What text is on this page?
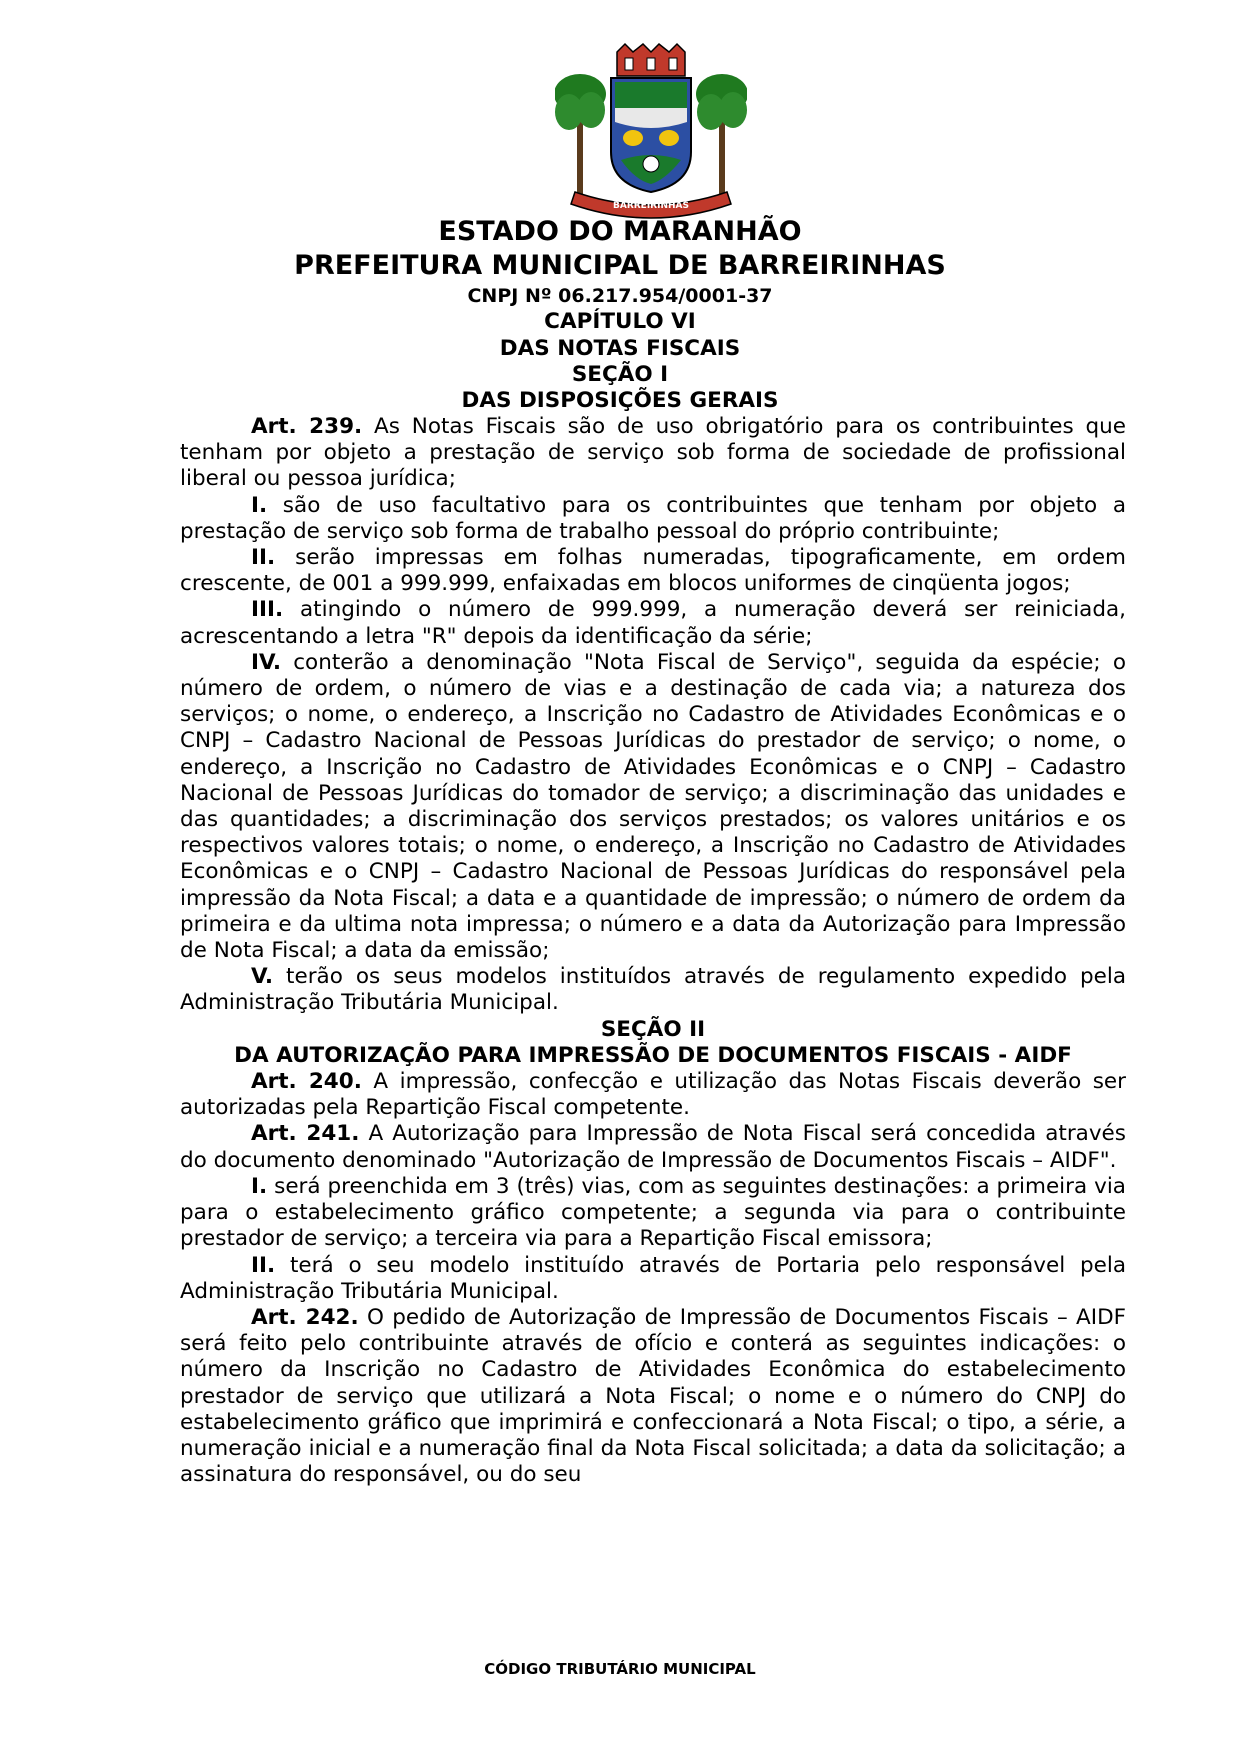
BARREIRINHAS
ESTADO DO MARANHÃO
PREFEITURA MUNICIPAL DE BARREIRINHAS
CNPJ Nº 06.217.954/0001-37
CAPÍTULO VI
DAS NOTAS FISCAIS
SEÇÃO I
DAS DISPOSIÇÕES GERAIS

Art. 239. As Notas Fiscais são de uso obrigatório para os contribuintes que tenham por objeto a prestação de serviço sob forma de sociedade de profissional liberal ou pessoa jurídica;

I. são de uso facultativo para os contribuintes que tenham por objeto a prestação de serviço sob forma de trabalho pessoal do próprio contribuinte;

II. serão impressas em folhas numeradas, tipograficamente, em ordem crescente, de 001 a 999.999, enfaixadas em blocos uniformes de cinqüenta jogos;

III. atingindo o número de 999.999, a numeração deverá ser reiniciada, acrescentando a letra "R" depois da identificação da série;

IV. conterão a denominação "Nota Fiscal de Serviço", seguida da espécie; o número de ordem, o número de vias e a destinação de cada via; a natureza dos serviços; o nome, o endereço, a Inscrição no Cadastro de Atividades Econômicas e o CNPJ – Cadastro Nacional de Pessoas Jurídicas do prestador de serviço; o nome, o endereço, a Inscrição no Cadastro de Atividades Econômicas e o CNPJ – Cadastro Nacional de Pessoas Jurídicas do tomador de serviço; a discriminação das unidades e das quantidades; a discriminação dos serviços prestados; os valores unitários e os respectivos valores totais; o nome, o endereço, a Inscrição no Cadastro de Atividades Econômicas e o CNPJ – Cadastro Nacional de Pessoas Jurídicas do responsável pela impressão da Nota Fiscal; a data e a quantidade de impressão; o número de ordem da primeira e da ultima nota impressa; o número e a data da Autorização para Impressão de Nota Fiscal; a data da emissão;

V. terão os seus modelos instituídos através de regulamento expedido pela Administração Tributária Municipal.

SEÇÃO II

DA AUTORIZAÇÃO PARA IMPRESSÃO DE DOCUMENTOS FISCAIS - AIDF

Art. 240. A impressão, confecção e utilização das Notas Fiscais deverão ser autorizadas pela Repartição Fiscal competente.

Art. 241. A Autorização para Impressão de Nota Fiscal será concedida através do documento denominado "Autorização de Impressão de Documentos Fiscais – AIDF".

I. será preenchida em 3 (três) vias, com as seguintes destinações: a primeira via para o estabelecimento gráfico competente; a segunda via para o contribuinte prestador de serviço; a terceira via para a Repartição Fiscal emissora;

II. terá o seu modelo instituído através de Portaria pelo responsável pela Administração Tributária Municipal.

Art. 242. O pedido de Autorização de Impressão de Documentos Fiscais – AIDF será feito pelo contribuinte através de ofício e conterá as seguintes indicações: o número da Inscrição no Cadastro de Atividades Econômica do estabelecimento prestador de serviço que utilizará a Nota Fiscal; o nome e o número do CNPJ do estabelecimento gráfico que imprimirá e confeccionará a Nota Fiscal; o tipo, a série, a numeração inicial e a numeração final da Nota Fiscal solicitada; a data da solicitação; a assinatura do responsável, ou do seu

CÓDIGO TRIBUTÁRIO MUNICIPAL
